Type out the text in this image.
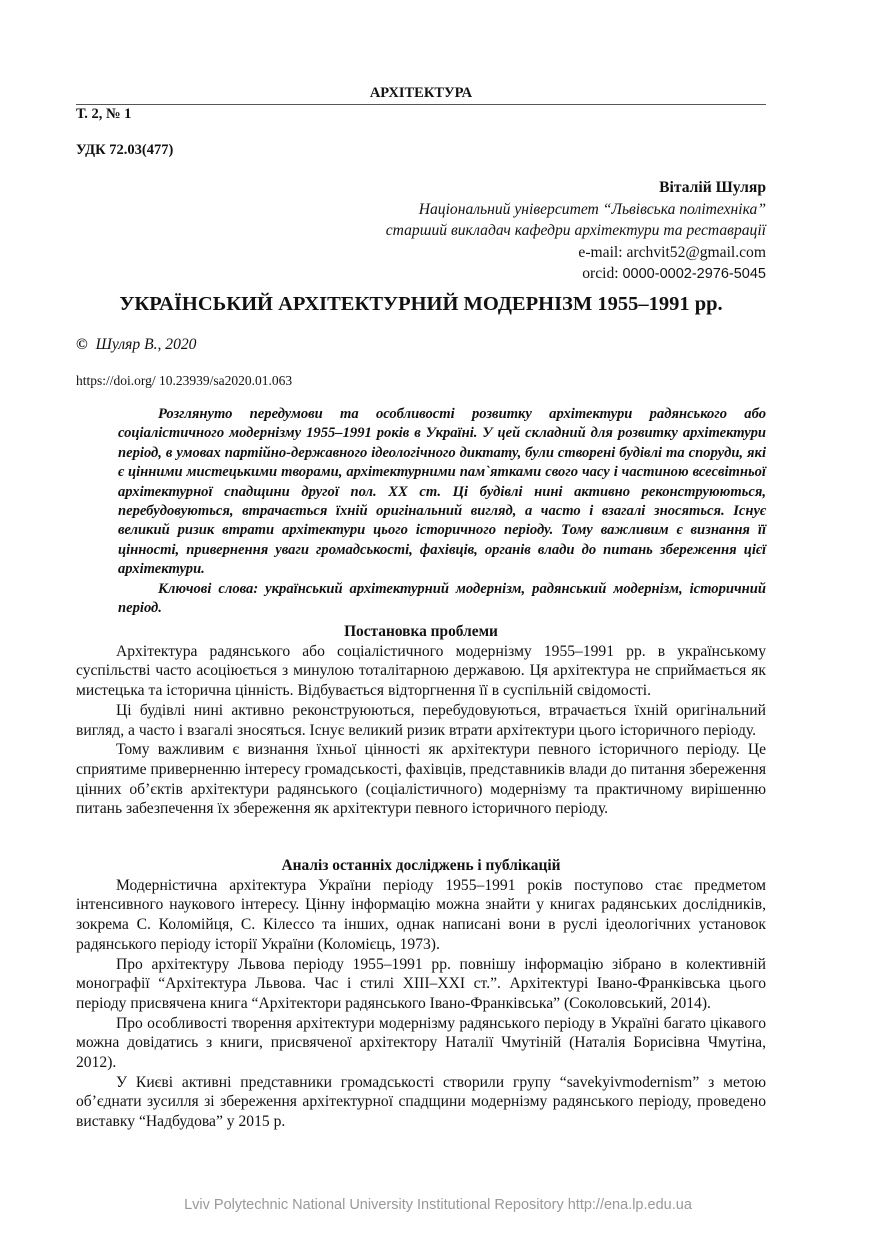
АРХІТЕКТУРА
Т. 2, № 1
УДК 72.03(477)
Віталій Шуляр
Національний університет “Львівська політехніка”
старший викладач кафедри архітектури та реставрації
e-mail: archvit52@gmail.com
orcid: 0000-0002-2976-5045
УКРАЇНСЬКИЙ АРХІТЕКТУРНИЙ МОДЕРНІЗМ 1955–1991 рр.
© Шуляр В., 2020
https://doi.org/ 10.23939/sa2020.01.063

Розглянуто передумови та особливості розвитку архітектури радянського або соціалістичного модернізму 1955–1991 років в Україні. У цей складний для розвитку архітектури період, в умовах партійно-державного ідеологічного диктату, були створені будівлі та споруди, які є цінними мистецькими творами, архітектурними пам`ятками свого часу і частиною всесвітньої архітектурної спадщини другої пол. XX ст. Ці будівлі нині активно реконструюються, перебудовуються, втрачається їхній оригінальний вигляд, а часто і взагалі зносяться. Існує великий ризик втрати архітектури цього історичного періоду. Тому важливим є визнання її цінності, привернення уваги громадськості, фахівців, органів влади до питань збереження цієї архітектури.

Ключові слова: український архітектурний модернізм, радянський модернізм, історичний період.

Постановка проблеми

Архітектура радянського або соціалістичного модернізму 1955–1991 рр. в українському суспільстві часто асоціюється з минулою тоталітарною державою. Ця архітектура не сприймається як мистецька та історична цінність. Відбувається відторгнення її в суспільній свідомості.

Ці будівлі нині активно реконструюються, перебудовуються, втрачається їхній оригінальний вигляд, а часто і взагалі зносяться. Існує великий ризик втрати архітектури цього історичного періоду.

Тому важливим є визнання їхньої цінності як архітектури певного історичного періоду. Це сприятиме приверненню інтересу громадськості, фахівців, представників влади до питання збереження цінних об’єктів архітектури радянського (соціалістичного) модернізму та практичному вирішенню питань забезпечення їх збереження як архітектури певного історичного періоду.

Аналіз останніх досліджень і публікацій

Модерністична архітектура України періоду 1955–1991 років поступово стає предметом інтенсивного наукового інтересу. Цінну інформацію можна знайти у книгах радянських дослідників, зокрема С. Коломійця, С. Кілессо та інших, однак написані вони в руслі ідеологічних установок радянського періоду історії України (Коломієць, 1973).

Про архітектуру Львова періоду 1955–1991 рр. повнішу інформацію зібрано в колективній монографії “Архітектура Львова. Час і стилі XIII–XXI ст.”. Архітектурі Івано-Франківська цього періоду присвячена книга “Архітектори радянського Івано-Франківська” (Соколовський, 2014).

Про особливості творення архітектури модернізму радянського періоду в Україні багато цікавого можна довідатись з книги, присвяченої архітектору Наталії Чмутіній (Наталія Борисівна Чмутіна, 2012).

У Києві активні представники громадськості створили групу “savekyivmodernism” з метою об’єднати зусилля зі збереження архітектурної спадщини модернізму радянського періоду, проведено виставку “Надбудова” у 2015 р.

Lviv Polytechnic National University Institutional Repository http://ena.lp.edu.ua
